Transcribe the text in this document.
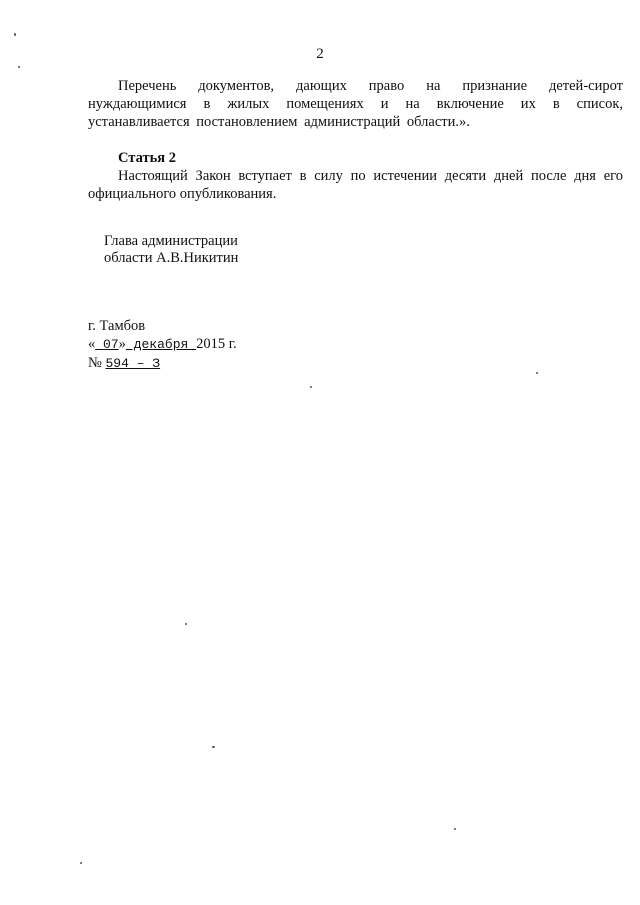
2
Перечень документов, дающих право на признание детей-сирот
нуждающимися в жилых помещениях и на включение их в список,
устанавливается постановлением администраций области.».
Статья 2
Настоящий Закон вступает в силу по истечении десяти дней после дня его
официального опубликования.
Глава администрации
области А.В.Никитин
г. Тамбов
« 07» декабря 2015 г.
№ 594 – З
